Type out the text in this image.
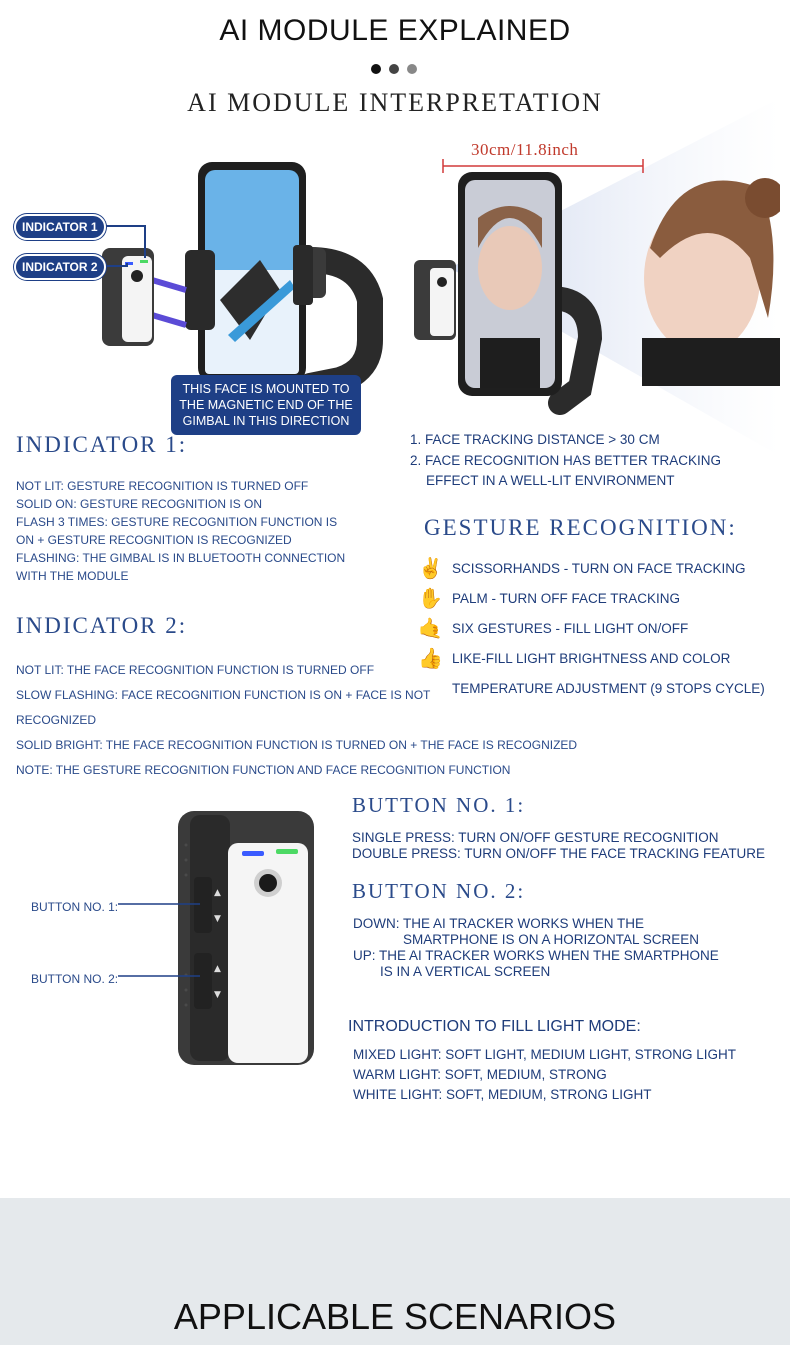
AI MODULE EXPLAINED
AI MODULE INTERPRETATION
INDICATOR 1
INDICATOR 2
THIS FACE IS MOUNTED TO
THE MAGNETIC END OF THE
GIMBAL IN THIS DIRECTION
30cm/11.8inch
INDICATOR 1:
NOT LIT: GESTURE RECOGNITION IS TURNED OFF
SOLID ON: GESTURE RECOGNITION IS ON
FLASH 3 TIMES: GESTURE RECOGNITION FUNCTION IS
ON + GESTURE RECOGNITION IS RECOGNIZED
FLASHING: THE GIMBAL IS IN BLUETOOTH CONNECTION
WITH THE MODULE
1. FACE TRACKING DISTANCE > 30 CM
2. FACE RECOGNITION HAS BETTER TRACKING
EFFECT IN A WELL-LIT ENVIRONMENT
GESTURE RECOGNITION:
✌ SCISSORHANDS - TURN ON FACE TRACKING
✋ PALM - TURN OFF FACE TRACKING
🤙 SIX GESTURES - FILL LIGHT ON/OFF
👍 LIKE-FILL LIGHT BRIGHTNESS AND COLOR
TEMPERATURE ADJUSTMENT (9 STOPS CYCLE)
INDICATOR 2:
NOT LIT: THE FACE RECOGNITION FUNCTION IS TURNED OFF
SLOW FLASHING: FACE RECOGNITION FUNCTION IS ON + FACE IS NOT
RECOGNIZED
SOLID BRIGHT: THE FACE RECOGNITION FUNCTION IS TURNED ON + THE FACE IS RECOGNIZED
NOTE: THE GESTURE RECOGNITION FUNCTION AND FACE RECOGNITION FUNCTION
▲
▼
▲
▼
BUTTON NO. 1:
BUTTON NO. 2:
BUTTON NO. 1:
SINGLE PRESS: TURN ON/OFF GESTURE RECOGNITION
DOUBLE PRESS: TURN ON/OFF THE FACE TRACKING FEATURE
BUTTON NO. 2:
DOWN: THE AI TRACKER WORKS WHEN THE
SMARTPHONE IS ON A HORIZONTAL SCREEN
UP: THE AI TRACKER WORKS WHEN THE SMARTPHONE
IS IN A VERTICAL SCREEN
INTRODUCTION TO FILL LIGHT MODE:
MIXED LIGHT: SOFT LIGHT, MEDIUM LIGHT, STRONG LIGHT
WARM LIGHT: SOFT, MEDIUM, STRONG
WHITE LIGHT: SOFT, MEDIUM, STRONG LIGHT
APPLICABLE SCENARIOS
